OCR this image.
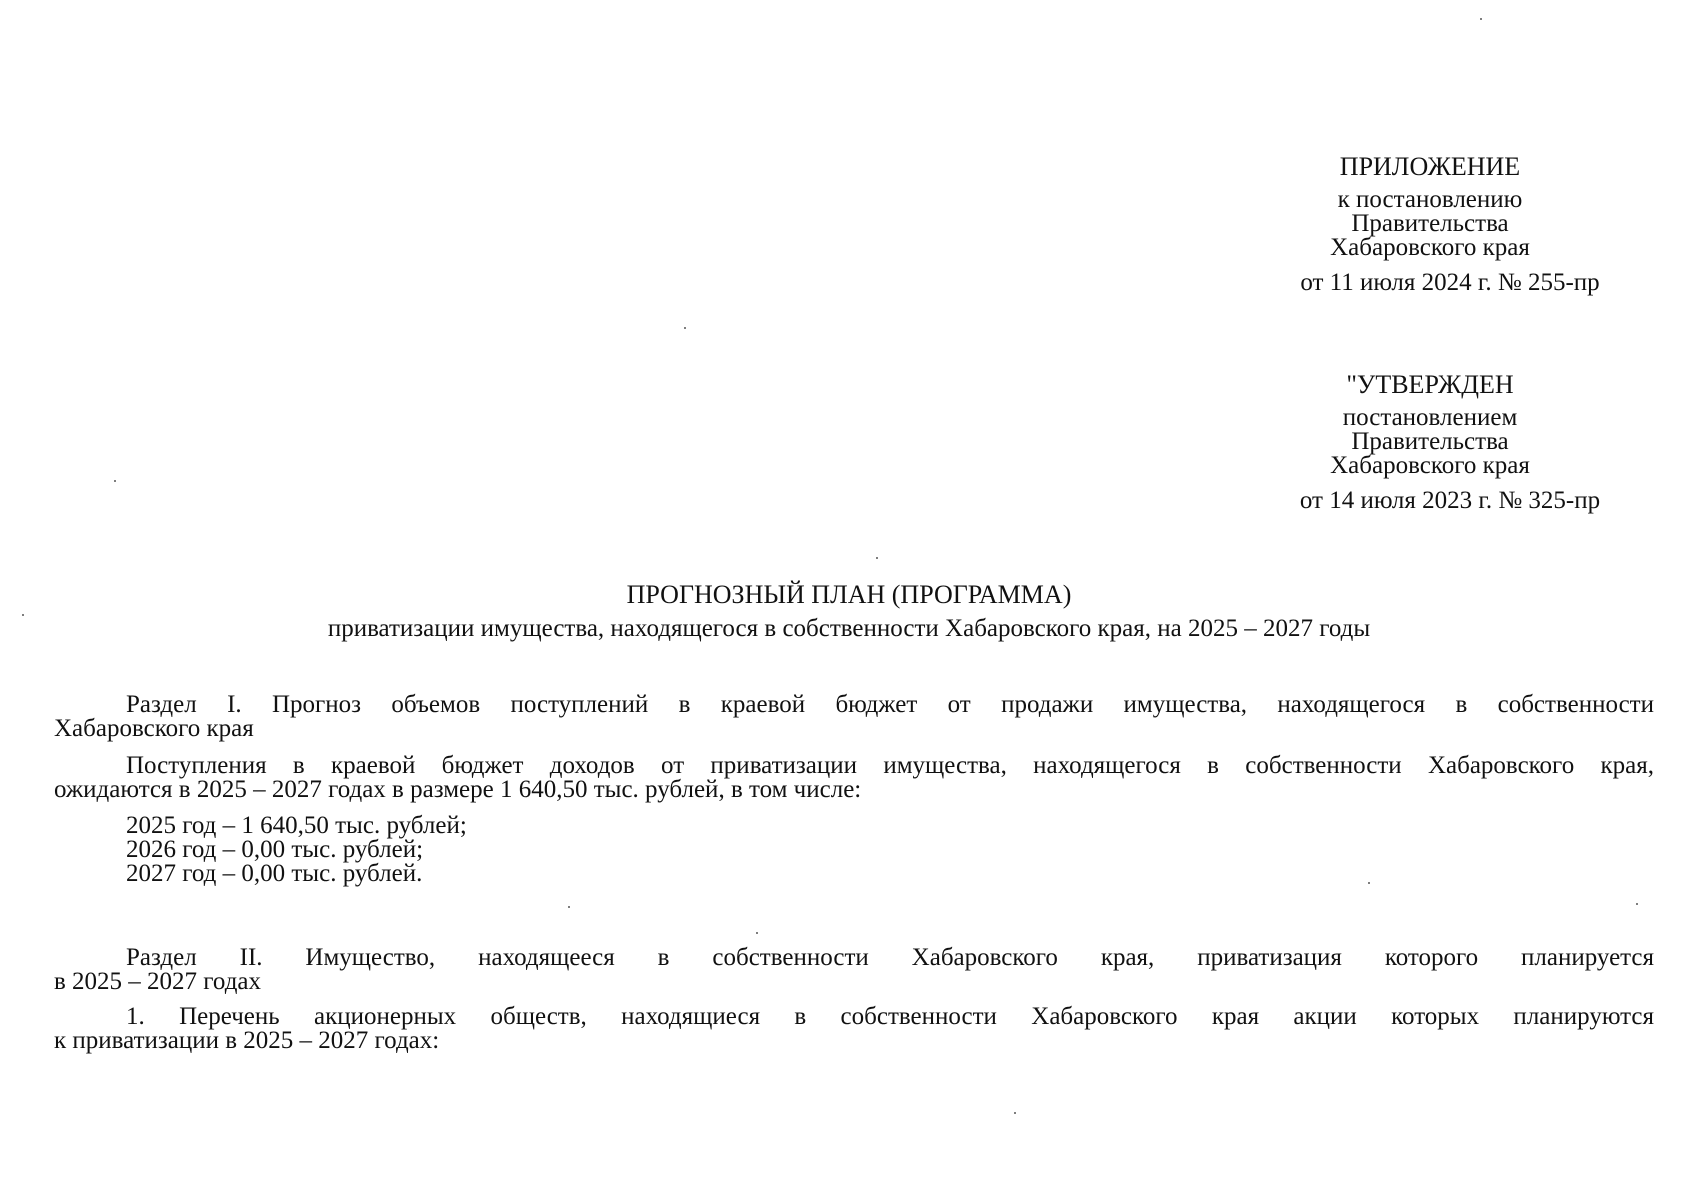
ПРИЛОЖЕНИЕ
к постановлению
Правительства
Хабаровского края
от 11 июля 2024 г. № 255-пр
"УТВЕРЖДЕН
постановлением
Правительства
Хабаровского края
от 14 июля 2023 г. № 325-пр
ПРОГНОЗНЫЙ ПЛАН (ПРОГРАММА)
приватизации имущества, находящегося в собственности Хабаровского края, на 2025 – 2027 годы
Раздел I. Прогноз объемов поступлений в краевой бюджет от продажи имущества, находящегося в собственности
Хабаровского края
Поступления в краевой бюджет доходов от приватизации имущества, находящегося в собственности Хабаровского края,
ожидаются в 2025 – 2027 годах в размере 1 640,50 тыс. рублей, в том числе:
2025 год – 1 640,50 тыс. рублей;
2026 год – 0,00 тыс. рублей;
2027 год – 0,00 тыс. рублей.
Раздел II. Имущество, находящееся в собственности Хабаровского края, приватизация которого планируется
в 2025 – 2027 годах
1. Перечень акционерных обществ, находящиеся в собственности Хабаровского края акции которых планируются
к приватизации в 2025 – 2027 годах:
